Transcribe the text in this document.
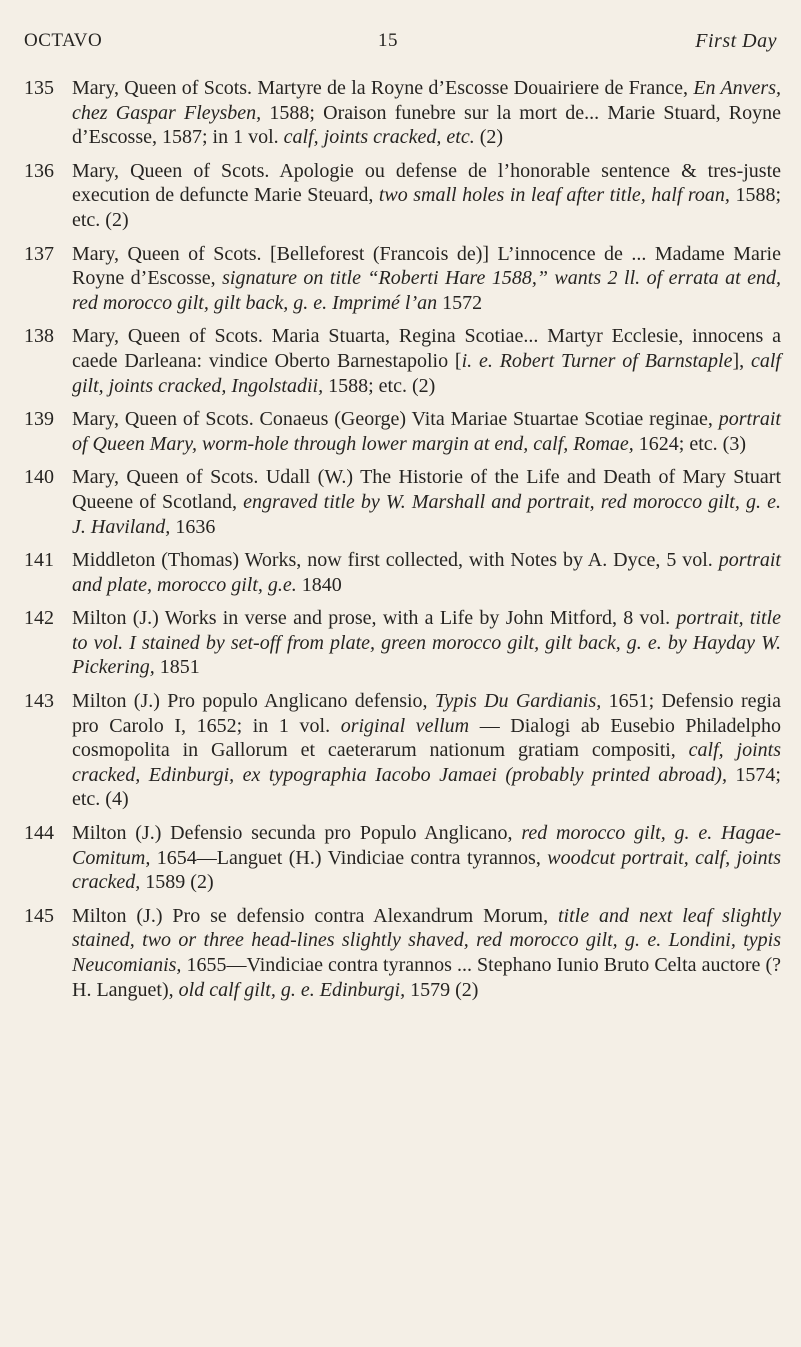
OCTAVO	15	First Day
135 Mary, Queen of Scots. Martyre de la Royne d’Escosse Douairiere de France, En Anvers, chez Gaspar Fleysben, 1588; Oraison funebre sur la mort de... Marie Stuard, Royne d’Escosse, 1587; in 1 vol. calf, joints cracked, etc. (2)
136 Mary, Queen of Scots. Apologie ou defense de l’honorable sentence & tres-juste execution de defuncte Marie Steuard, two small holes in leaf after title, half roan, 1588; etc. (2)
137 Mary, Queen of Scots. [Belleforest (Francois de)] L’innocence de ... Madame Marie Royne d’Escosse, signature on title “Roberti Hare 1588,” wants 2 ll. of errata at end, red morocco gilt, gilt back, g. e. Imprimé l’an 1572
138 Mary, Queen of Scots. Maria Stuarta, Regina Scotiae... Martyr Ecclesie, innocens a caede Darleana: vindice Oberto Barnestapolio [i. e. Robert Turner of Barnstaple], calf gilt, joints cracked, Ingolstadii, 1588; etc. (2)
139 Mary, Queen of Scots. Conaeus (George) Vita Mariae Stuartae Scotiae reginae, portrait of Queen Mary, worm-hole through lower margin at end, calf, Romae, 1624; etc. (3)
140 Mary, Queen of Scots. Udall (W.) The Historie of the Life and Death of Mary Stuart Queene of Scotland, engraved title by W. Marshall and portrait, red morocco gilt, g. e. J. Haviland, 1636
141 Middleton (Thomas) Works, now first collected, with Notes by A. Dyce, 5 vol. portrait and plate, morocco gilt, g.e. 1840
142 Milton (J.) Works in verse and prose, with a Life by John Mitford, 8 vol. portrait, title to vol. I stained by set-off from plate, green morocco gilt, gilt back, g. e. by Hayday W. Pickering, 1851
143 Milton (J.) Pro populo Anglicano defensio, Typis Du Gardianis, 1651; Defensio regia pro Carolo I, 1652; in 1 vol. original vellum — Dialogi ab Eusebio Philadelpho cosmopolita in Gallorum et caeterarum nationum gratiam compositi, calf, joints cracked, Edinburgi, ex typographia Iacobo Jamaei (probably printed abroad), 1574; etc. (4)
144 Milton (J.) Defensio secunda pro Populo Anglicano, red morocco gilt, g. e. Hagae-Comitum, 1654—Languet (H.) Vindiciae contra tyrannos, woodcut portrait, calf, joints cracked, 1589 (2)
145 Milton (J.) Pro se defensio contra Alexandrum Morum, title and next leaf slightly stained, two or three head-lines slightly shaved, red morocco gilt, g. e. Londini, typis Neucomianis, 1655—Vindiciae contra tyrannos ... Stephano Iunio Bruto Celta auctore (? H. Languet), old calf gilt, g. e. Edinburgi, 1579 (2)
